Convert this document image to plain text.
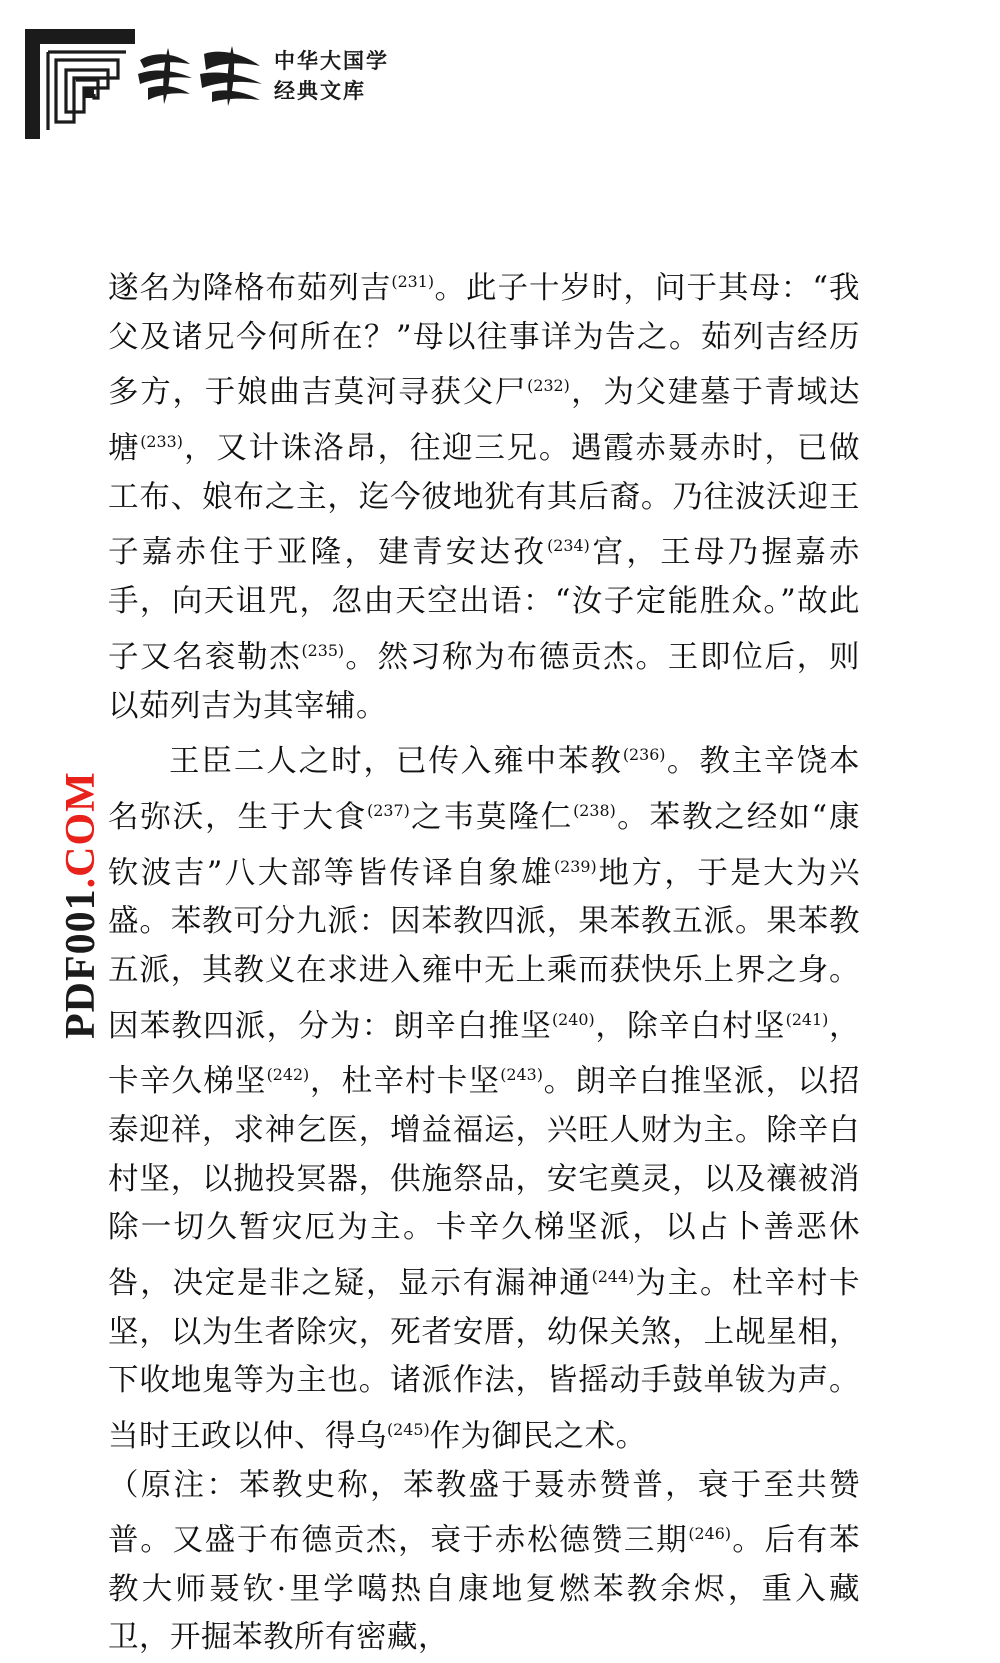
中华大国学
经典文库
PDF001.COM
遂名为降格布茹列吉$^{(231)}$。此子十岁时，问于其母：“我父及诸兄今何所在？”母以往事详为告之。茹列吉经历多方，于娘曲吉莫河寻获父尸$^{(232)}$，为父建墓于青域达塘$^{(233)}$，又计诛洛昂，往迎三兄。遇霞赤聂赤时，已做工布、娘布之主，迄今彼地犹有其后裔。乃往波沃迎王子嘉赤住于亚隆，建青安达孜$^{(234)}$宫，王母乃握嘉赤手，向天诅咒，忽由天空出语：“汝子定能胜众。”故此子又名衮勒杰$^{(235)}$。然习称为布德贡杰。王即位后，则以茹列吉为其宰辅。
王臣二人之时，已传入雍中苯教$^{(236)}$。教主辛饶本名弥沃，生于大食$^{(237)}$之韦莫隆仁$^{(238)}$。苯教之经如“康钦波吉”八大部等皆传译自象雄$^{(239)}$地方，于是大为兴盛。苯教可分九派：因苯教四派，果苯教五派。果苯教五派，其教义在求进入雍中无上乘而获快乐上界之身。因苯教四派，分为：朗辛白推坚$^{(240)}$，除辛白村坚$^{(241)}$，卡辛久梯坚$^{(242)}$，杜辛村卡坚$^{(243)}$。朗辛白推坚派，以招泰迎祥，求神乞医，增益福运，兴旺人财为主。除辛白村坚，以抛投冥器，供施祭品，安宅奠灵，以及禳被消除一切久暂灾厄为主。卡辛久梯坚派，以占卜善恶休咎，决定是非之疑，显示有漏神通$^{(244)}$为主。杜辛村卡坚，以为生者除灾，死者安厝，幼保关煞，上觇星相，下收地鬼等为主也。诸派作法，皆摇动手鼓单钹为声。当时王政以仲、得乌$^{(245)}$作为御民之术。
（原注：苯教史称，苯教盛于聂赤赞普，衰于至共赞普。又盛于布德贡杰，衰于赤松德赞三期$^{(246)}$。后有苯教大师聂钦·里学噶热自康地复燃苯教余烬，重入藏卫，开掘苯教所有密藏，
